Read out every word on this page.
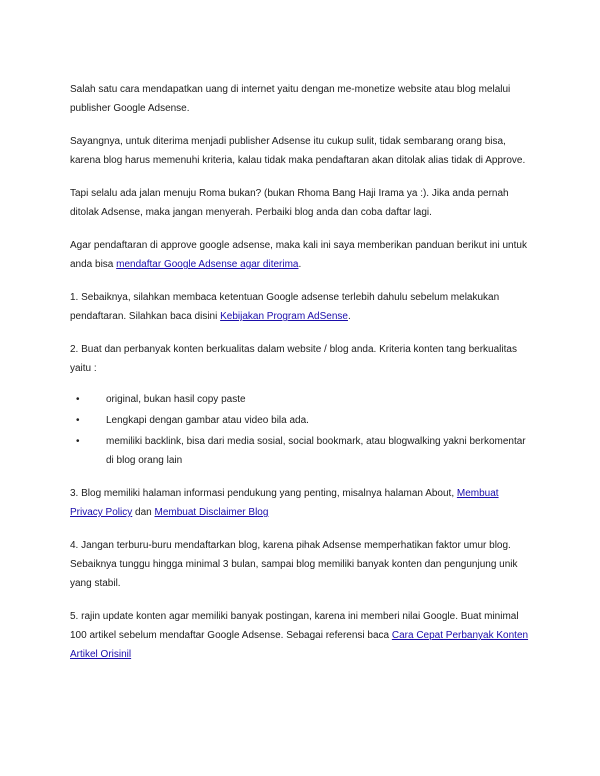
Salah satu cara mendapatkan uang di internet yaitu dengan me-monetize website atau blog melalui publisher Google Adsense.

Sayangnya, untuk diterima menjadi publisher Adsense itu cukup sulit, tidak sembarang orang bisa, karena blog harus memenuhi kriteria, kalau tidak maka pendaftaran akan ditolak alias tidak di Approve.

Tapi selalu ada jalan menuju Roma bukan? (bukan Rhoma Bang Haji Irama ya :). Jika anda pernah ditolak Adsense, maka jangan menyerah. Perbaiki blog anda dan coba daftar lagi.

Agar pendaftaran di approve google adsense, maka kali ini saya memberikan panduan berikut ini untuk anda bisa mendaftar Google Adsense agar diterima.

1. Sebaiknya, silahkan membaca ketentuan Google adsense terlebih dahulu sebelum melakukan pendaftaran. Silahkan baca disini Kebijakan Program AdSense.

2. Buat dan perbanyak konten berkualitas dalam website / blog anda. Kriteria konten tang berkualitas yaitu :

• original, bukan hasil copy paste
• Lengkapi dengan gambar atau video bila ada.
• memiliki backlink, bisa dari media sosial, social bookmark, atau blogwalking yakni berkomentar di blog orang lain

3. Blog memiliki halaman informasi pendukung yang penting, misalnya halaman About, Membuat Privacy Policy dan Membuat Disclaimer Blog

4. Jangan terburu-buru mendaftarkan blog, karena pihak Adsense memperhatikan faktor umur blog. Sebaiknya tunggu hingga minimal 3 bulan, sampai blog memiliki banyak konten dan pengunjung unik yang stabil.

5. rajin update konten agar memiliki banyak postingan, karena ini memberi nilai Google. Buat minimal 100 artikel sebelum mendaftar Google Adsense. Sebagai referensi baca Cara Cepat Perbanyak Konten Artikel Orisinil
